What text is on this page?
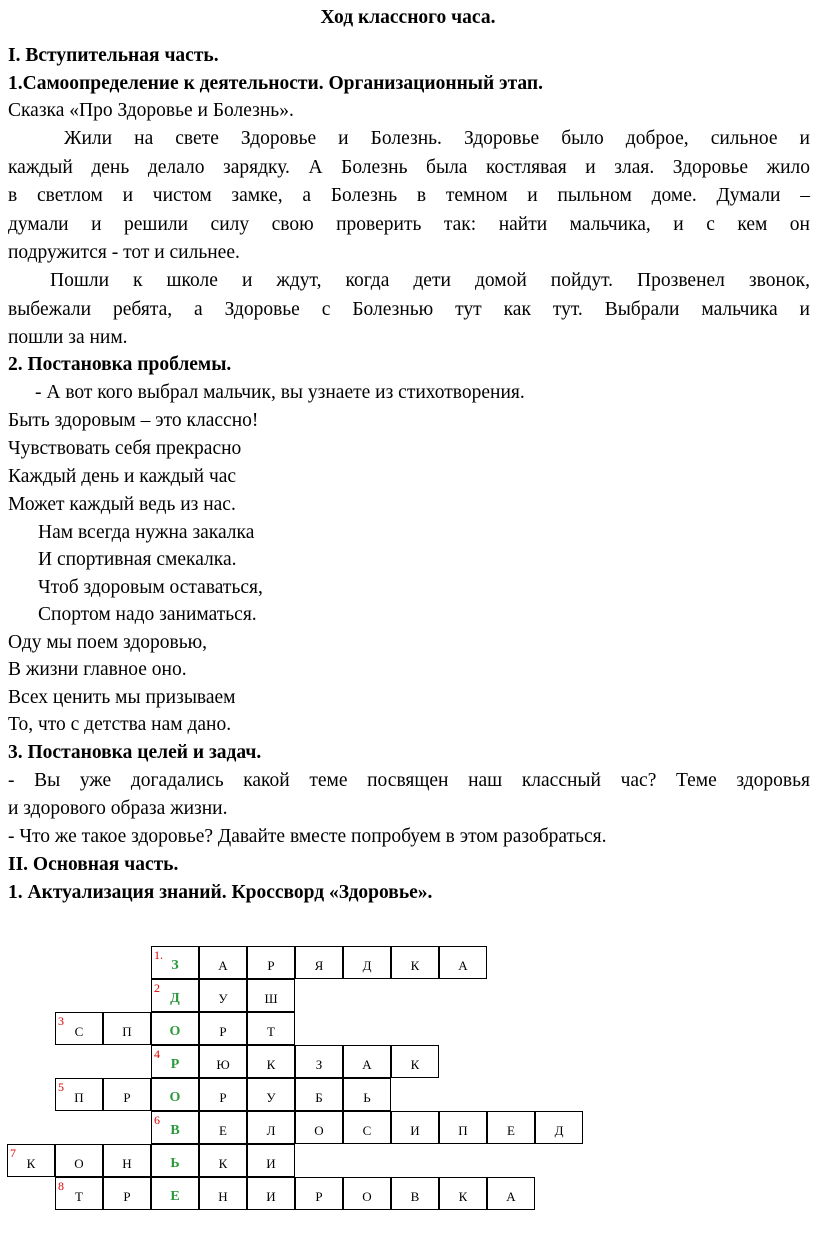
Ход классного часа.
I. Вступительная часть.
1.Самоопределение к деятельности. Организационный этап.
Сказка «Про Здоровье и Болезнь».
Жили на свете Здоровье и Болезнь. Здоровье было доброе, сильное и
каждый день делало зарядку. А Болезнь была костлявая и злая. Здоровье жило
в светлом и чистом замке, а Болезнь в темном и пыльном доме. Думали –
думали и решили силу свою проверить так: найти мальчика, и с кем он
подружится - тот и сильнее.
Пошли к школе и ждут, когда дети домой пойдут. Прозвенел звонок,
выбежали ребята, а Здоровье с Болезнью тут как тут. Выбрали мальчика и
пошли за ним.
2. Постановка проблемы.
- А вот кого выбрал мальчик, вы узнаете из стихотворения.
Быть здоровым – это классно!
Чувствовать себя прекрасно
Каждый день и каждый час
Может каждый ведь из нас.
Нам всегда нужна закалка
И спортивная смекалка.
Чтоб здоровым оставаться,
Спортом надо заниматься.
Оду мы поем здоровью,
В жизни главное оно.
Всех ценить мы призываем
То, что с детства нам дано.
3. Постановка целей и задач.
- Вы уже догадались какой теме посвящен наш классный час? Теме здоровья
и здорового образа жизни.
- Что же такое здоровье? Давайте вместе попробуем в этом разобраться.
II. Основная часть.
1. Актуализация знаний. Кроссворд «Здоровье».
З	А	Р	Я	Д	К	А
1.
Д	У	Ш
2
С	П	О	Р	Т
3
Р	Ю	К	З	А	К
4
П	Р	О	Р	У	Б	Ь
5
В	Е	Л	О	С	И	П	Е	Д
6
К	О	Н	Ь	К	И
7
Т	Р	Е	Н	И	Р	О	В	К	А
8
